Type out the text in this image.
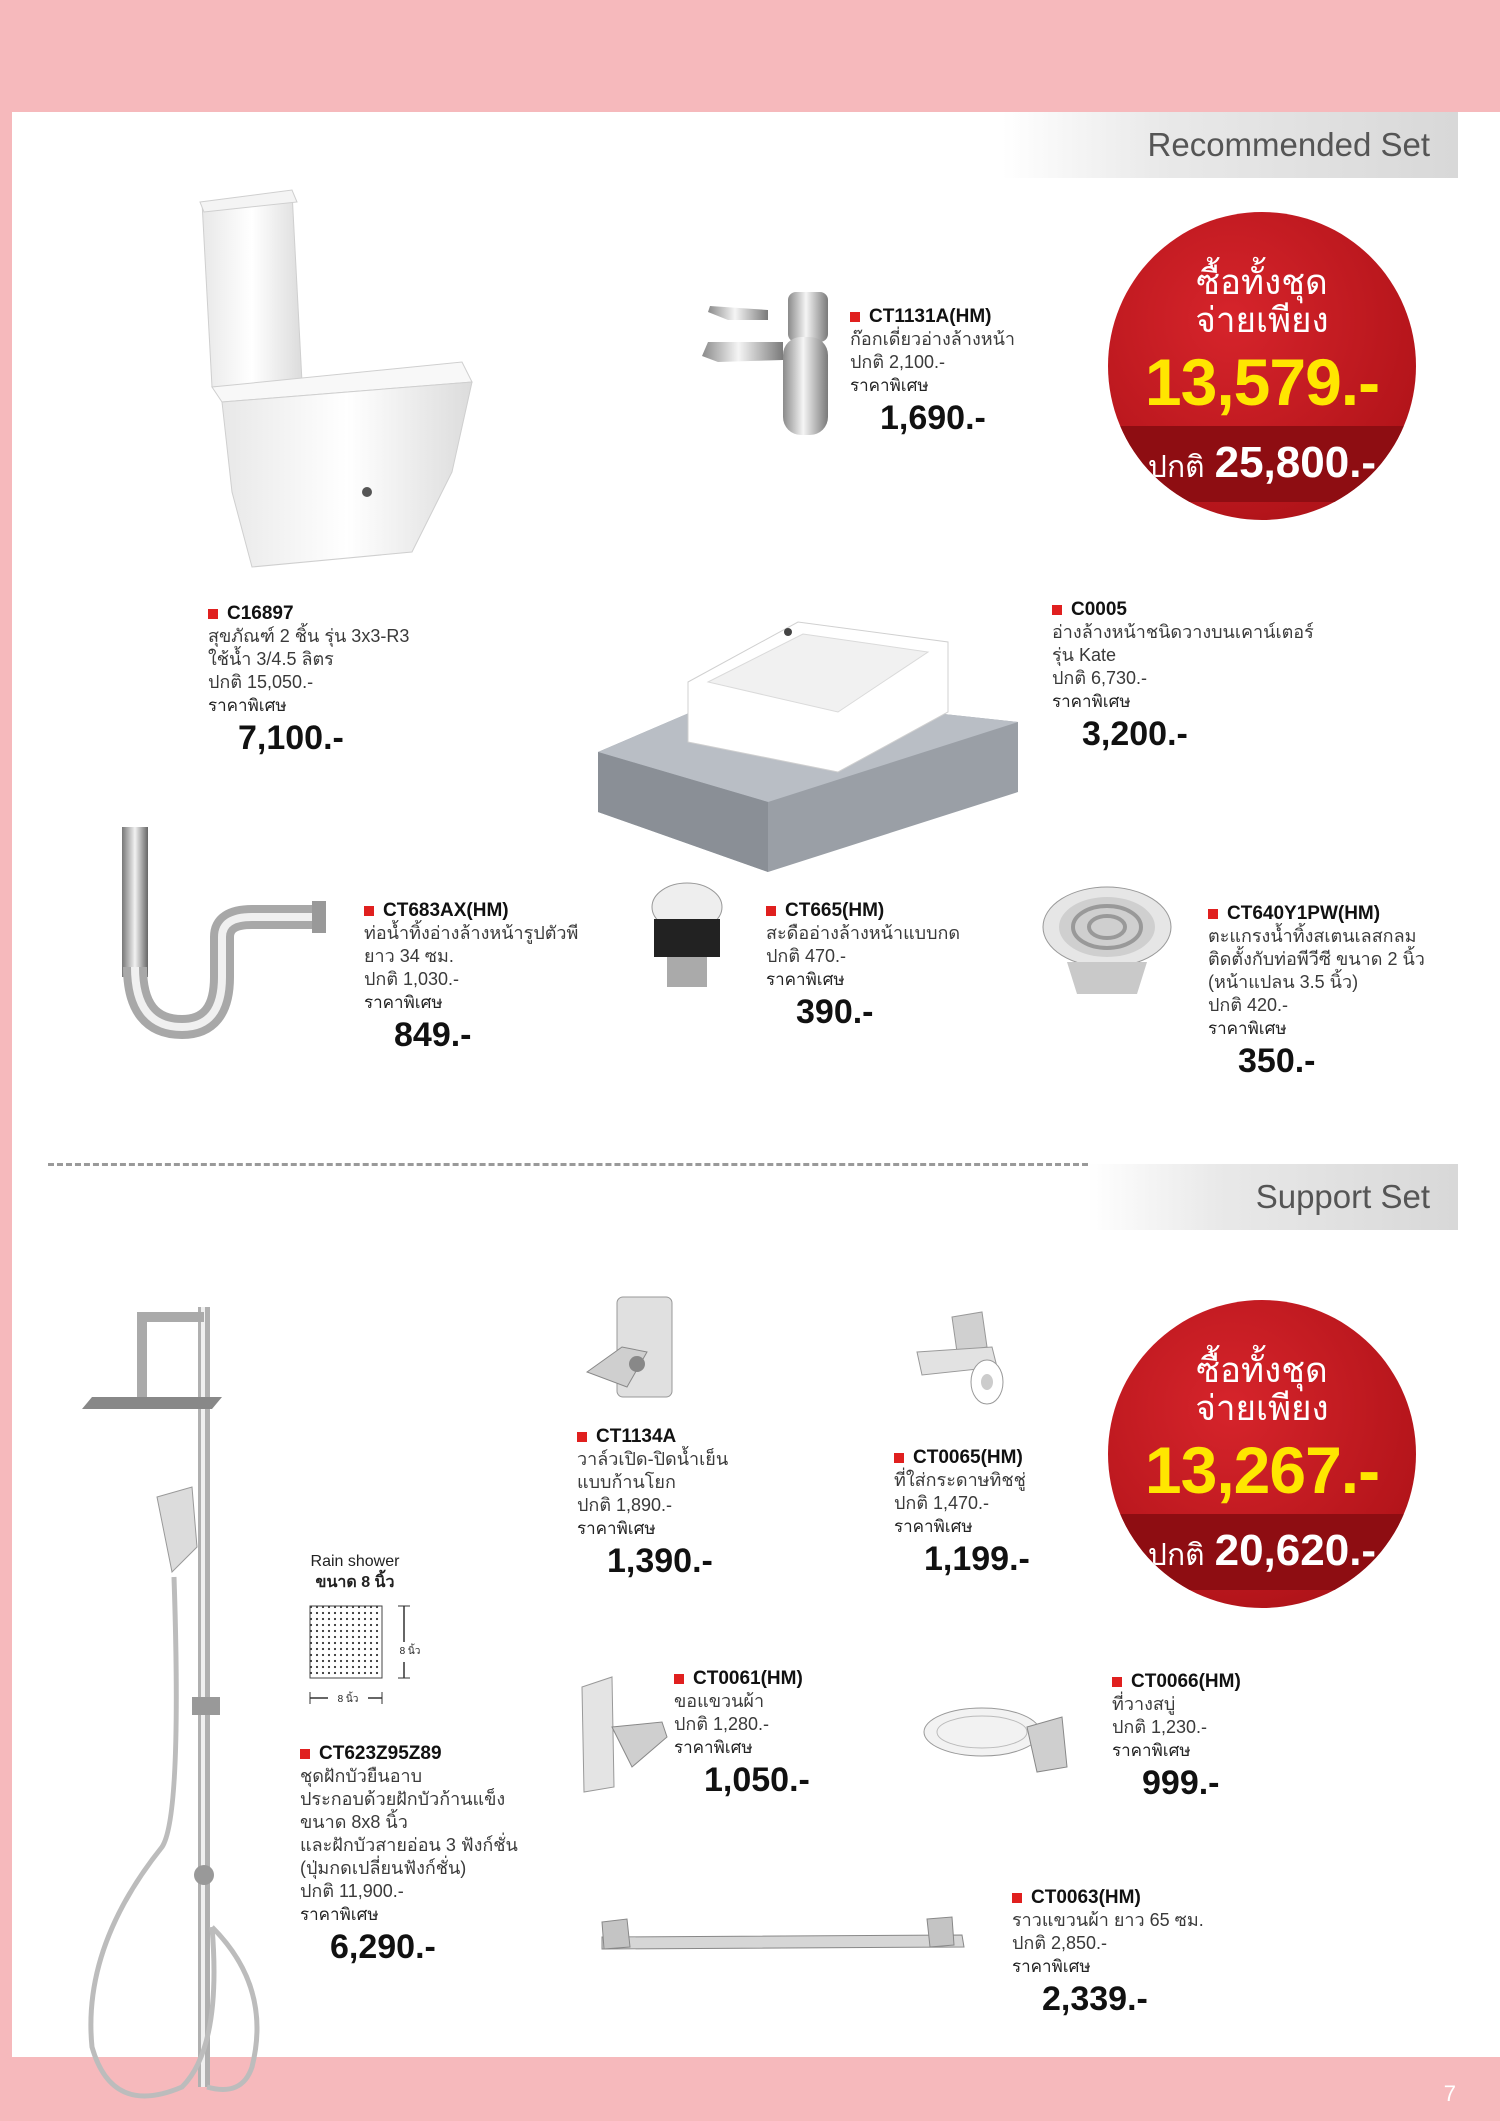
Recommended Set
CT1131A(HM)
ก๊อกเดี่ยวอ่างล้างหน้า
ปกติ 2,100.-
ราคาพิเศษ
1,690.-
ซื้อทั้งชุด
จ่ายเพียง
13,579.-
ปกติ 25,800.-
C16897
สุขภัณฑ์ 2 ชิ้น รุ่น 3x3-R3
ใช้น้ำ 3/4.5 ลิตร
ปกติ 15,050.-
ราคาพิเศษ
7,100.-
C0005
อ่างล้างหน้าชนิดวางบนเคาน์เตอร์
รุ่น Kate
ปกติ 6,730.-
ราคาพิเศษ
3,200.-
CT683AX(HM)
ท่อน้ำทิ้งอ่างล้างหน้ารูปตัวพี
ยาว 34 ซม.
ปกติ 1,030.-
ราคาพิเศษ
849.-
CT665(HM)
สะดืออ่างล้างหน้าแบบกด
ปกติ 470.-
ราคาพิเศษ
390.-
CT640Y1PW(HM)
ตะแกรงน้ำทิ้งสเตนเลสกลม
ติดตั้งกับท่อพีวีซี ขนาด 2 นิ้ว
(หน้าแปลน 3.5 นิ้ว)
ปกติ 420.-
ราคาพิเศษ
350.-
Support Set
Rain shower
ขนาด 8 นิ้ว
8 นิ้ว
8 นิ้ว
CT1134A
วาล์วเปิด-ปิดน้ำเย็น
แบบก้านโยก
ปกติ 1,890.-
ราคาพิเศษ
1,390.-
CT0065(HM)
ที่ใส่กระดาษทิชชู่
ปกติ 1,470.-
ราคาพิเศษ
1,199.-
ซื้อทั้งชุด
จ่ายเพียง
13,267.-
ปกติ 20,620.-
CT623Z95Z89
ชุดฝักบัวยืนอาบ
ประกอบด้วยฝักบัวก้านแข็ง
ขนาด 8x8 นิ้ว
และฝักบัวสายอ่อน 3 ฟังก์ชั่น
(ปุ่มกดเปลี่ยนฟังก์ชั่น)
ปกติ 11,900.-
ราคาพิเศษ
6,290.-
CT0061(HM)
ขอแขวนผ้า
ปกติ 1,280.-
ราคาพิเศษ
1,050.-
CT0066(HM)
ที่วางสบู่
ปกติ 1,230.-
ราคาพิเศษ
999.-
CT0063(HM)
ราวแขวนผ้า ยาว 65 ซม.
ปกติ 2,850.-
ราคาพิเศษ
2,339.-
7
